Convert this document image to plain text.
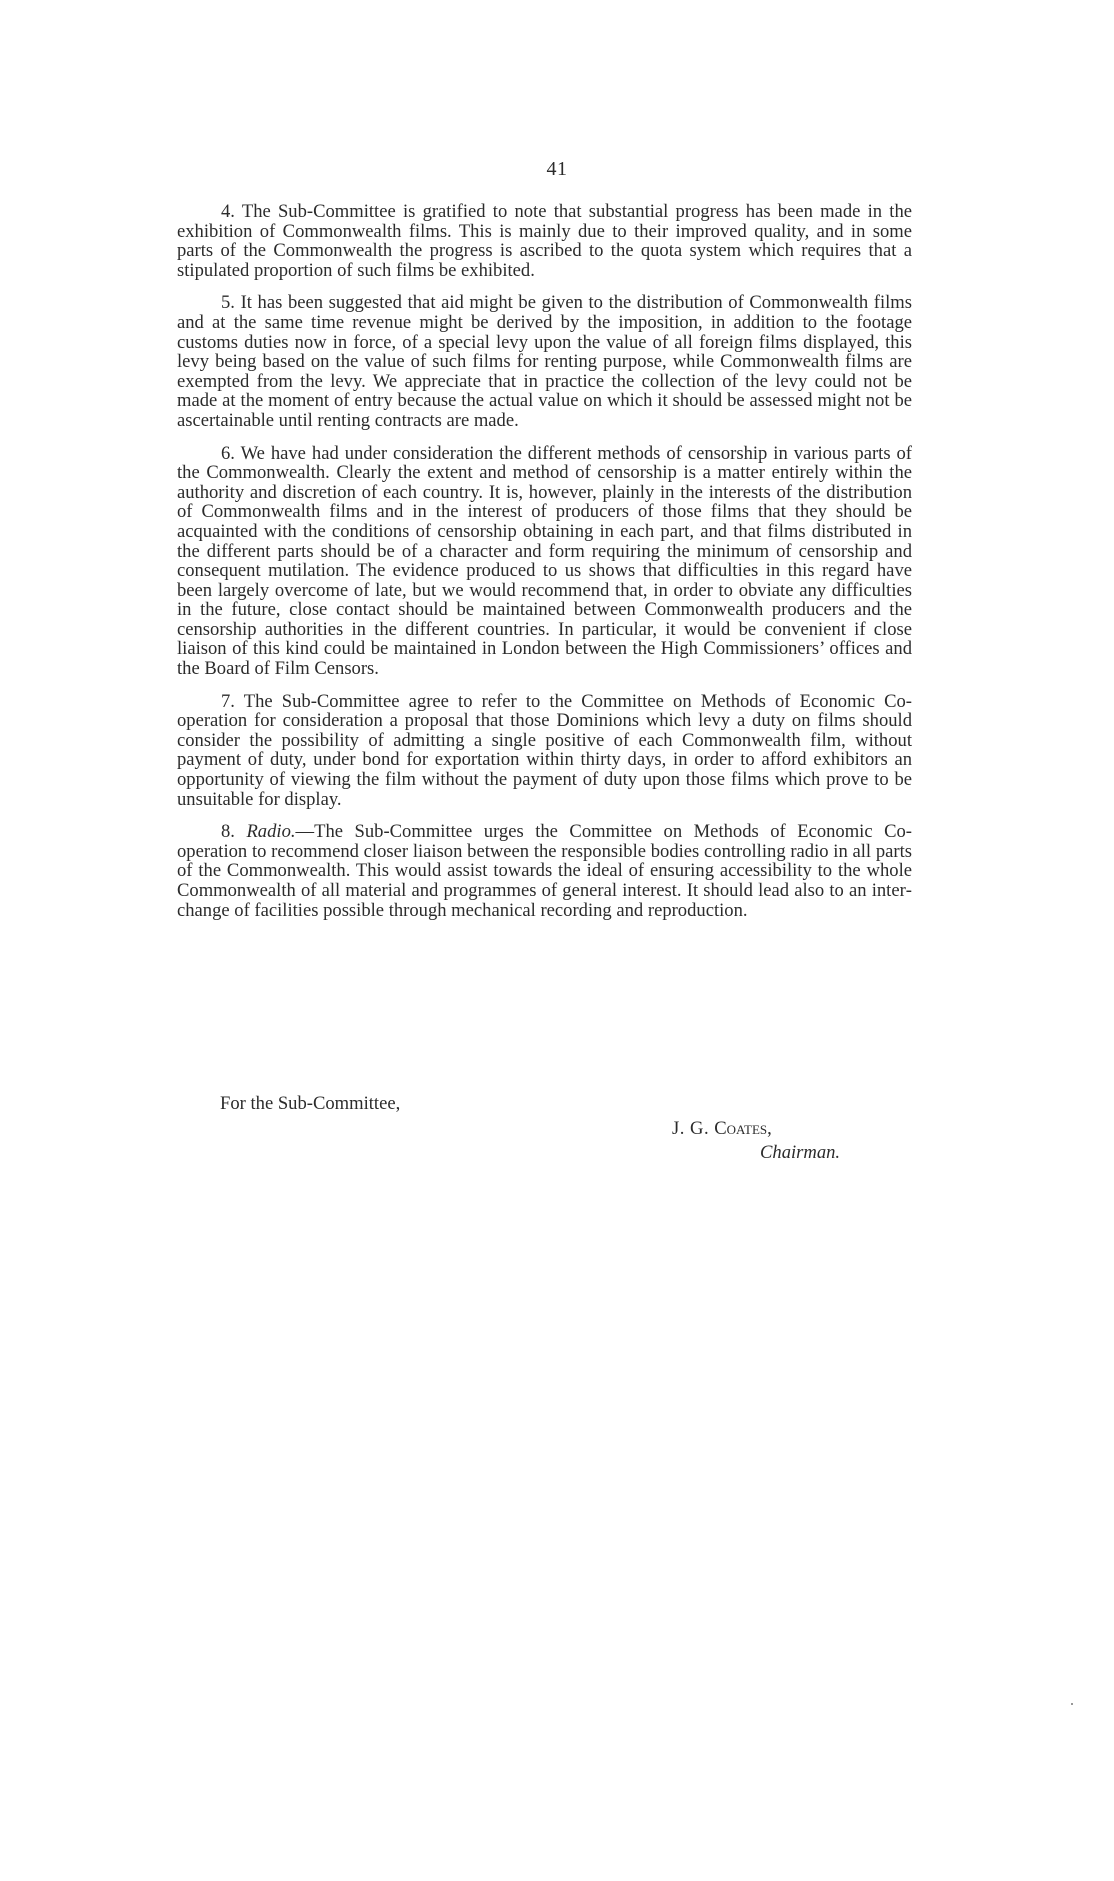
41

4. The Sub-Committee is gratified to note that substantial progress has been made in the exhibition of Commonwealth films. This is mainly due to their improved quality, and in some parts of the Commonwealth the progress is ascribed to the quota system which requires that a stipulated proportion of such films be exhibited.

5. It has been suggested that aid might be given to the distribution of Commonwealth films and at the same time revenue might be derived by the imposition, in addition to the footage customs duties now in force, of a special levy upon the value of all foreign films displayed, this levy being based on the value of such films for renting purpose, while Commonwealth films are exempted from the levy. We appreciate that in practice the collection of the levy could not be made at the moment of entry because the actual value on which it should be assessed might not be ascertainable until renting contracts are made.

6. We have had under consideration the different methods of censorship in various parts of the Commonwealth. Clearly the extent and method of censorship is a matter entirely within the authority and discretion of each country. It is, however, plainly in the interests of the distribution of Commonwealth films and in the interest of producers of those films that they should be acquainted with the conditions of censorship obtaining in each part, and that films distributed in the different parts should be of a character and form requiring the minimum of censorship and consequent mutilation. The evidence produced to us shows that difficulties in this regard have been largely overcome of late, but we would recommend that, in order to obviate any difficulties in the future, close contact should be maintained between Commonwealth producers and the censorship authorities in the different countries. In particular, it would be convenient if close liaison of this kind could be maintained in London between the High Commissioners’ offices and the Board of Film Censors.

7. The Sub-Committee agree to refer to the Committee on Methods of Economic Co-operation for consideration a proposal that those Dominions which levy a duty on films should consider the possibility of admitting a single positive of each Commonwealth film, without payment of duty, under bond for exportation within thirty days, in order to afford exhibitors an opportunity of viewing the film without the payment of duty upon those films which prove to be unsuitable for display.

8. Radio.—The Sub-Committee urges the Committee on Methods of Economic Co-operation to recommend closer liaison between the responsible bodies controlling radio in all parts of the Commonwealth. This would assist towards the ideal of ensuring accessibility to the whole Commonwealth of all material and programmes of general interest. It should lead also to an interchange of facilities possible through mechanical recording and reproduction.

For the Sub-Committee,
J. G. Coates,
Chairman.
